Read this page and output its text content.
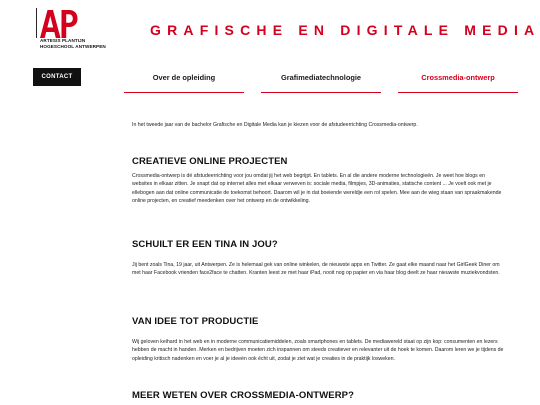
ARTESIS PLANTIJN
HOGESCHOOL ANTWERPEN
GRAFISCHE EN DIGITALE MEDIA
CONTACT	Over de opleiding	Grafimediatechnologie	Crossmedia-ontwerp

In het tweede jaar van de bachelor Grafische en Digitale Media kan je kiezen voor de afstudeerrichting Crossmedia-ontwerp.

CREATIEVE ONLINE PROJECTEN

Crossmedia-ontwerp is dé afstudeerrichting voor jou omdat jij het web begrijpt. En tablets. En al die andere moderne technologieën. Je weet hoe blogs en websites in elkaar zitten. Je snapt dat op internet alles met elkaar verweven is: sociale media, filmpjes, 3D-animaties, statische content ... Je voelt ook met je ellebogen aan dat online communicatie de toekomst behoort. Daarom wil je in dat boeiende wereldje een rol spelen. Mee aan de wieg staan van spraakmakende online projecten, en creatief meedenken over het ontwerp en de ontwikkeling.

SCHUILT ER EEN TINA IN JOU?

Jij bent zoals Tina, 19 jaar, uit Antwerpen. Ze is helemaal gek van online winkelen, de nieuwste apps en Twitter. Ze gaat elke maand naar het GirlGeek Diner om met haar Facebook vrienden face2face te chatten. Kranten leest ze met haar iPad, nooit nog op papier en via haar blog deelt ze haar nieuwste muziekvondsten.

VAN IDEE TOT PRODUCTIE

Wij geloven keihard in het web en in moderne communicatiemiddelen, zoals smartphones en tablets. De mediawereld staat op zijn kop: consumenten en lezers hebben de macht in handen. Merken en bedrijven moeten zich inspannen om steeds creatiever en relevanter uit de hoek te komen. Daarom leren we je tijdens de opleiding kritisch nadenken en voer je al je ideeën ook écht uit, zodat je ziet wat je creaties in de praktijk losweken.

MEER WETEN OVER CROSSMEDIA-ONTWERP?
